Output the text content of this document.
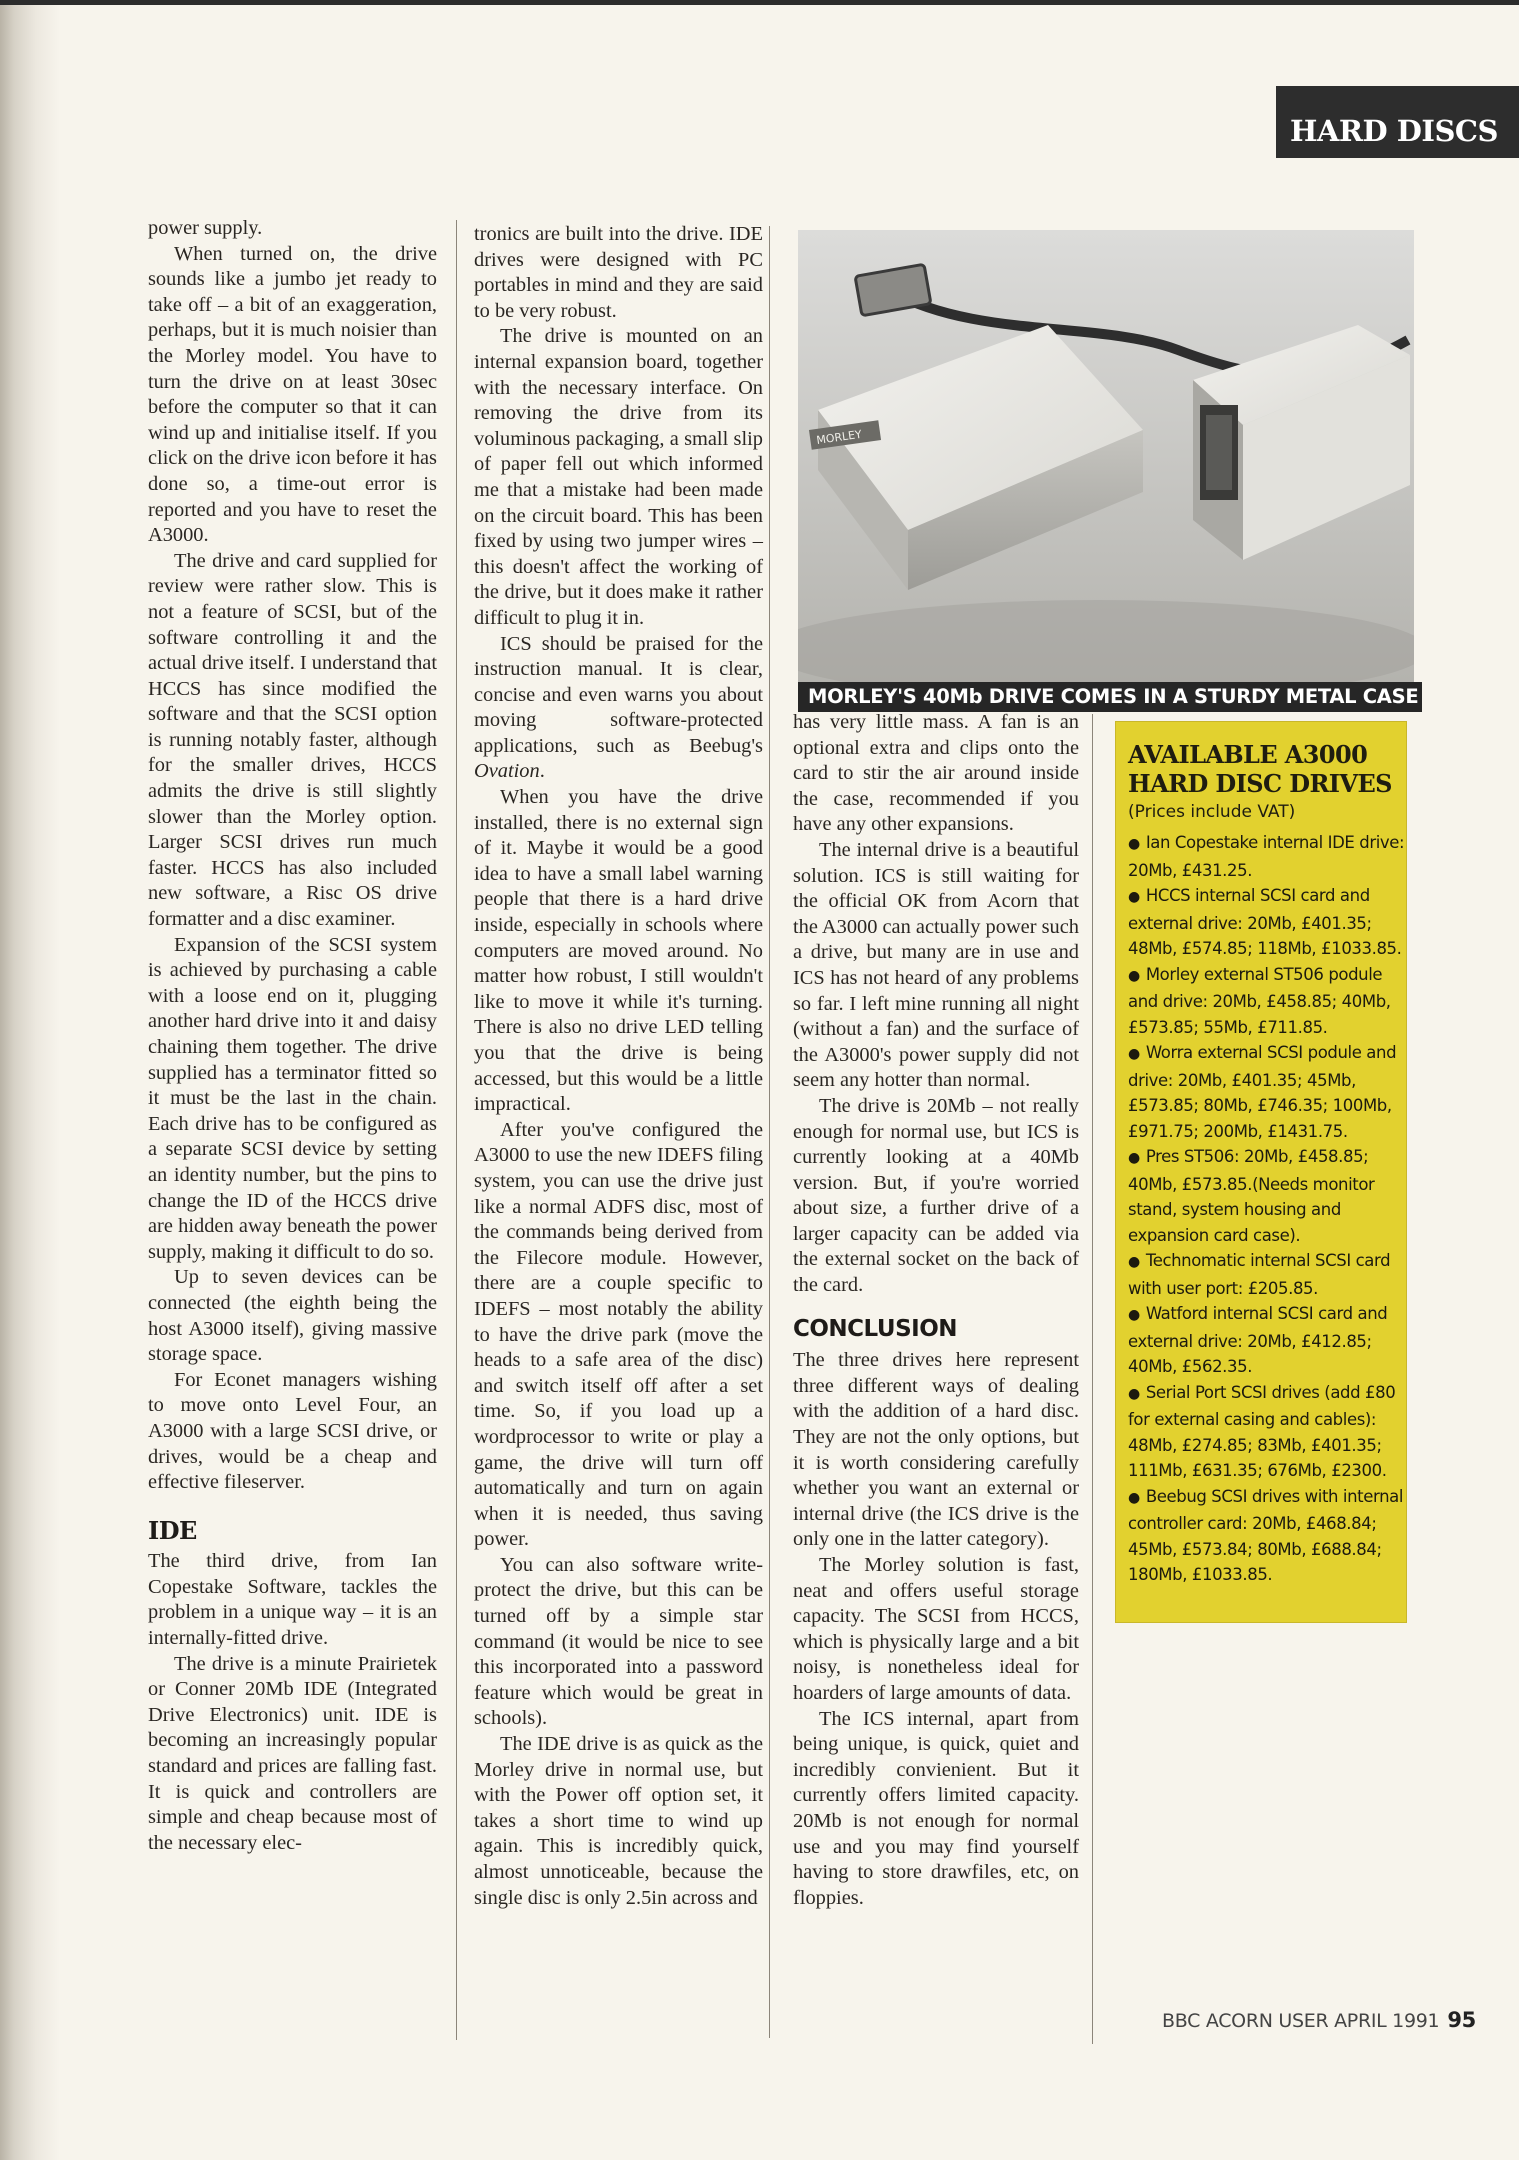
HARD DISCS

power supply.

When turned on, the drive sounds like a jumbo jet ready to take off – a bit of an exaggeration, perhaps, but it is much noisier than the Morley model. You have to turn the drive on at least 30sec before the computer so that it can wind up and initialise itself. If you click on the drive icon before it has done so, a time-out error is reported and you have to reset the A3000.

The drive and card supplied for review were rather slow. This is not a feature of SCSI, but of the software controlling it and the actual drive itself. I understand that HCCS has since modified the software and that the SCSI option is running notably faster, although for the smaller drives, HCCS admits the drive is still slightly slower than the Morley option. Larger SCSI drives run much faster. HCCS has also included new software, a Risc OS drive formatter and a disc examiner.

Expansion of the SCSI system is achieved by purchasing a cable with a loose end on it, plugging another hard drive into it and daisy chaining them together. The drive supplied has a terminator fitted so it must be the last in the chain. Each drive has to be configured as a separate SCSI device by setting an identity number, but the pins to change the ID of the HCCS drive are hidden away beneath the power supply, making it difficult to do so.

Up to seven devices can be connected (the eighth being the host A3000 itself), giving massive storage space.

For Econet managers wishing to move onto Level Four, an A3000 with a large SCSI drive, or drives, would be a cheap and effective fileserver.

IDE

The third drive, from Ian Copestake Software, tackles the problem in a unique way – it is an internally-fitted drive.

The drive is a minute Prairietek or Conner 20Mb IDE (Integrated Drive Electronics) unit. IDE is becoming an increasingly popular standard and prices are falling fast. It is quick and controllers are simple and cheap because most of the necessary elec-

tronics are built into the drive. IDE drives were designed with PC portables in mind and they are said to be very robust.

The drive is mounted on an internal expansion board, together with the necessary interface. On removing the drive from its voluminous packaging, a small slip of paper fell out which informed me that a mistake had been made on the circuit board. This has been fixed by using two jumper wires – this doesn't affect the working of the drive, but it does make it rather difficult to plug it in.

ICS should be praised for the instruction manual. It is clear, concise and even warns you about moving software-protected applications, such as Beebug's Ovation.

When you have the drive installed, there is no external sign of it. Maybe it would be a good idea to have a small label warning people that there is a hard drive inside, especially in schools where computers are moved around. No matter how robust, I still wouldn't like to move it while it's turning. There is also no drive LED telling you that the drive is being accessed, but this would be a little impractical.

After you've configured the A3000 to use the new IDEFS filing system, you can use the drive just like a normal ADFS disc, most of the commands being derived from the Filecore module. However, there are a couple specific to IDEFS – most notably the ability to have the drive park (move the heads to a safe area of the disc) and switch itself off after a set time. So, if you load up a wordprocessor to write or play a game, the drive will turn off automatically and turn on again when it is needed, thus saving power.

You can also software write-protect the drive, but this can be turned off by a simple star command (it would be nice to see this incorporated into a password feature which would be great in schools).

The IDE drive is as quick as the Morley drive in normal use, but with the Power off option set, it takes a short time to wind up again. This is incredibly quick, almost unnoticeable, because the single disc is only 2.5in across and

MORLEY
MORLEY'S 40Mb DRIVE COMES IN A STURDY METAL CASE

has very little mass. A fan is an optional extra and clips onto the card to stir the air around inside the case, recommended if you have any other expansions.

The internal drive is a beautiful solution. ICS is still waiting for the official OK from Acorn that the A3000 can actually power such a drive, but many are in use and ICS has not heard of any problems so far. I left mine running all night (without a fan) and the surface of the A3000's power supply did not seem any hotter than normal.

The drive is 20Mb – not really enough for normal use, but ICS is currently looking at a 40Mb version. But, if you're worried about size, a further drive of a larger capacity can be added via the external socket on the back of the card.

CONCLUSION

The three drives here represent three different ways of dealing with the addition of a hard disc. They are not the only options, but it is worth considering carefully whether you want an external or internal drive (the ICS drive is the only one in the latter category).

The Morley solution is fast, neat and offers useful storage capacity. The SCSI from HCCS, which is physically large and a bit noisy, is nonetheless ideal for hoarders of large amounts of data.

The ICS internal, apart from being unique, is quick, quiet and incredibly convienient. But it currently offers limited capacity. 20Mb is not enough for normal use and you may find yourself having to store drawfiles, etc, on floppies.

AVAILABLE A3000 HARD DISC DRIVES
(Prices include VAT)
● Ian Copestake internal IDE drive: 20Mb, £431.25.
● HCCS internal SCSI card and external drive: 20Mb, £401.35; 48Mb, £574.85; 118Mb, £1033.85.
● Morley external ST506 podule and drive: 20Mb, £458.85; 40Mb, £573.85; 55Mb, £711.85.
● Worra external SCSI podule and drive: 20Mb, £401.35; 45Mb, £573.85; 80Mb, £746.35; 100Mb, £971.75; 200Mb, £1431.75.
● Pres ST506: 20Mb, £458.85; 40Mb, £573.85.(Needs monitor stand, system housing and expansion card case).
● Technomatic internal SCSI card with user port: £205.85.
● Watford internal SCSI card and external drive: 20Mb, £412.85; 40Mb, £562.35.
● Serial Port SCSI drives (add £80 for external casing and cables): 48Mb, £274.85; 83Mb, £401.35; 111Mb, £631.35; 676Mb, £2300.
● Beebug SCSI drives with internal controller card: 20Mb, £468.84; 45Mb, £573.84; 80Mb, £688.84; 180Mb, £1033.85.
BBC ACORN USER APRIL 1991 95
